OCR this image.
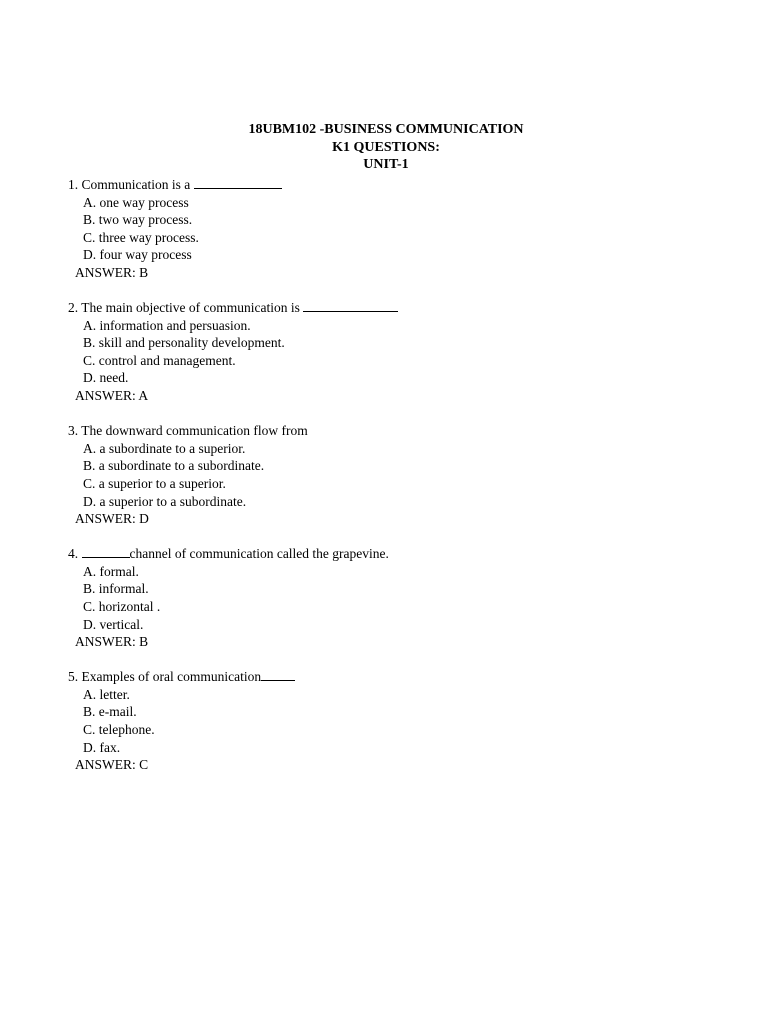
18UBM102 -BUSINESS COMMUNICATION
K1 QUESTIONS:
UNIT-1
1. Communication is a
A. one way process
B. two way process.
C. three way process.
D. four way process
ANSWER: B
2. The main objective of communication is
A. information and persuasion.
B. skill and personality development.
C. control and management.
D. need.
ANSWER: A
3. The downward communication flow from
A. a subordinate to a superior.
B. a subordinate to a subordinate.
C. a superior to a superior.
D. a superior to a subordinate.
ANSWER: D
4.	channel of communication called the grapevine.
A. formal.
B. informal.
C. horizontal .
D. vertical.
ANSWER: B
5. Examples of oral communication
A. letter.
B. e-mail.
C. telephone.
D. fax.
ANSWER: C
